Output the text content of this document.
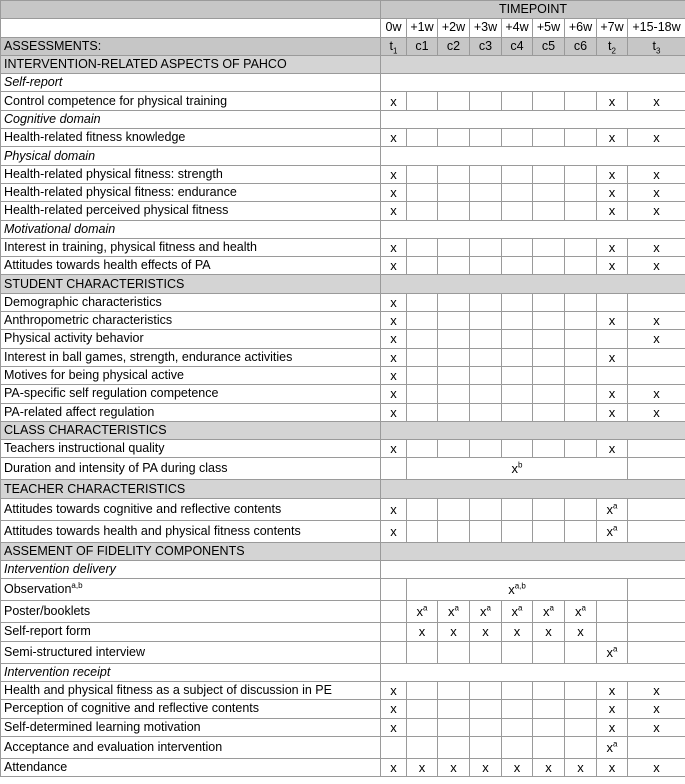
	TIMEPOINT								
	0w	+1w	+2w	+3w	+4w	+5w	+6w	+7w	+15-18w
ASSESSMENTS:	$t_1$	c1	c2	c3	c4	c5	c6	$t_2$	$t_3$
INTERVENTION-RELATED ASPECTS OF PAHCO									
Self-report									
Control competence for physical training	x							x	x
Cognitive domain									
Health-related fitness knowledge	x							x	x
Physical domain									
Health-related physical fitness: strength	x							x	x
Health-related physical fitness: endurance	x							x	x
Health-related perceived physical fitness	x							x	x
Motivational domain									
Interest in training, physical fitness and health	x							x	x
Attitudes towards health effects of PA	x							x	x
STUDENT CHARACTERISTICS									
Demographic characteristics	x								
Anthropometric characteristics	x							x	x
Physical activity behavior	x								x
Interest in ball games, strength, endurance activities	x							x	
Motives for being physical active	x								
PA-specific self regulation competence	x							x	x
PA-related affect regulation	x							x	x
CLASS CHARACTERISTICS									
Teachers instructional quality	x							x	
Duration and intensity of PA during class		$x^b$	
TEACHER CHARACTERISTICS									
Attitudes towards cognitive and reflective contents	x							$x^a$	
Attitudes towards health and physical fitness contents	x							$x^a$	
ASSEMENT OF FIDELITY COMPONENTS									
Intervention delivery									
Observation$^{a,b}$		$x^{a,b}$	
Poster/booklets		$x^a$	$x^a$	$x^a$	$x^a$	$x^a$	$x^a$		
Self-report form		x	x	x	x	x	x		
Semi-structured interview								$x^a$	
Intervention receipt									
Health and physical fitness as a subject of discussion in PE	x							x	x
Perception of cognitive and reflective contents	x							x	x
Self-determined learning motivation	x							x	x
Acceptance and evaluation intervention								$x^a$	
Attendance	x	x	x	x	x	x	x	x	x
